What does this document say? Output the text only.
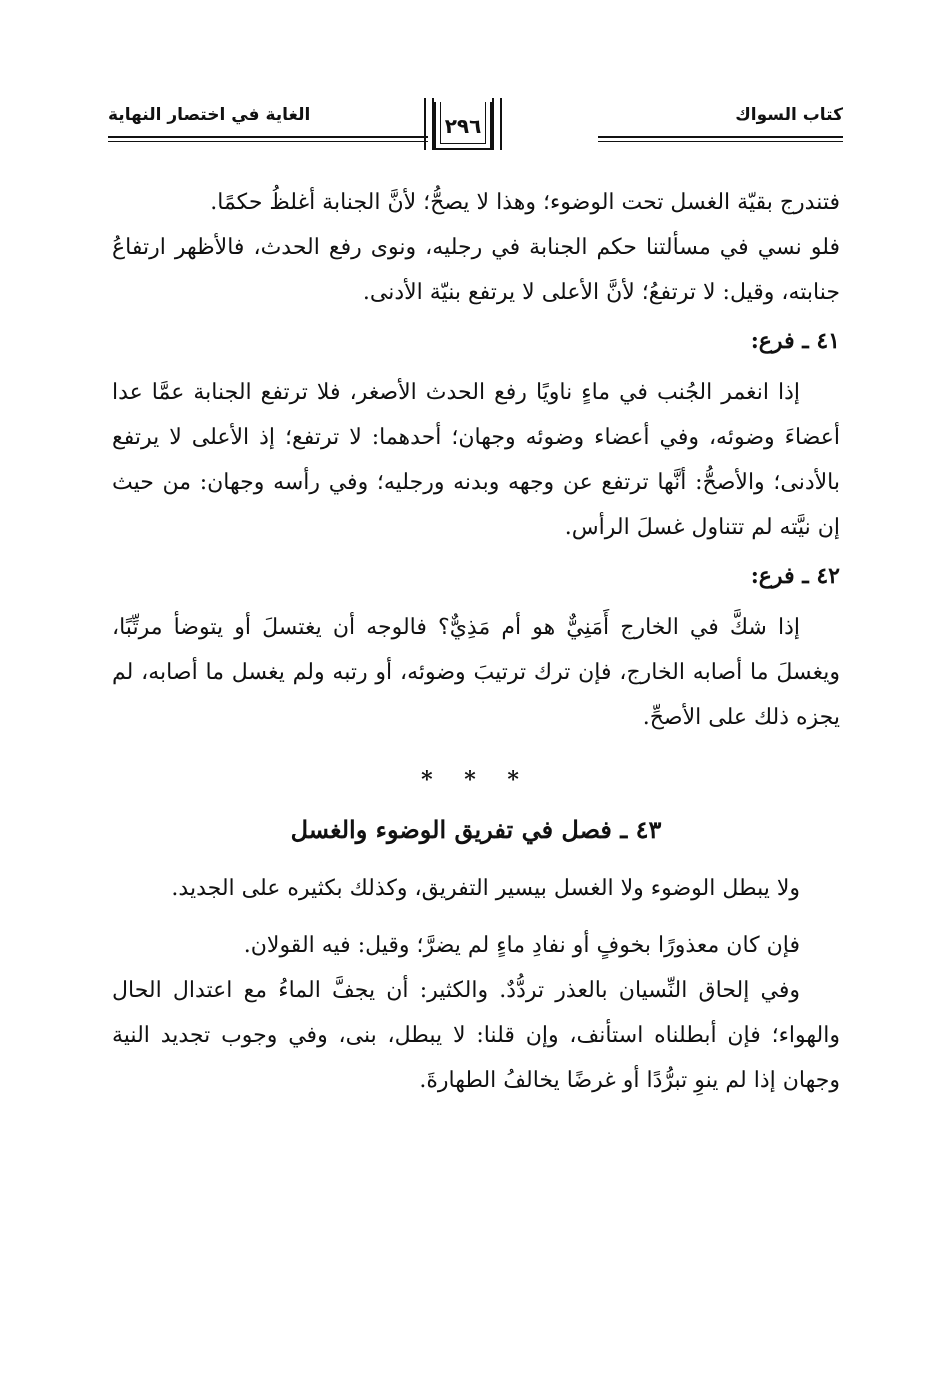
كتاب السواك
الغاية في اختصار النهاية	٢٩٦

فتندرج بقيّة الغسل تحت الوضوء؛ وهذا لا يصحُّ؛ لأنَّ الجنابة أغلظُ حكمًا.

فلو نسي في مسألتنا حكم الجنابة في رجليه، ونوى رفع الحدث، فالأظهر ارتفاعُ جنابته، وقيل: لا ترتفعُ؛ لأنَّ الأعلى لا يرتفع بنيّة الأدنى.

٤١ ـ فرع:

إذا انغمر الجُنب في ماءٍ ناويًا رفع الحدث الأصغر، فلا ترتفع الجنابة عمَّا عدا أعضاءَ وضوئه، وفي أعضاء وضوئه وجهان؛ أحدهما: لا ترتفع؛ إذ الأعلى لا يرتفع بالأدنى؛ والأصحُّ: أنَّها ترتفع عن وجهه وبدنه ورجليه؛ وفي رأسه وجهان: من حيث إن نيَّته لم تتناول غسلَ الرأس.

٤٢ ـ فرع:

إذا شكَّ في الخارج أَمَنِيٌّ هو أم مَذِيٌّ؟ فالوجه أن يغتسلَ أو يتوضأ مرتِّبًا، ويغسلَ ما أصابه الخارج، فإن ترك ترتيبَ وضوئه، أو رتبه ولم يغسل ما أصابه، لم يجزه ذلك على الأصحِّ.

* * *
٤٣ ـ فصل في تفريق الوضوء والغسل

ولا يبطل الوضوء ولا الغسل بيسير التفريق، وكذلك بكثيره على الجديد.

فإن كان معذورًا بخوفٍ أو نفادِ ماءٍ لم يضرَّ؛ وقيل: فيه القولان.

وفي إلحاق النِّسيان بالعذر تردُّدٌ. والكثير: أن يجفَّ الماءُ مع اعتدال الحال والهواء؛ فإن أبطلناه استأنف، وإن قلنا: لا يبطل، بنى، وفي وجوب تجديد النية وجهان إذا لم ينوِ تبرُّدًا أو غرضًا يخالفُ الطهارةَ.
